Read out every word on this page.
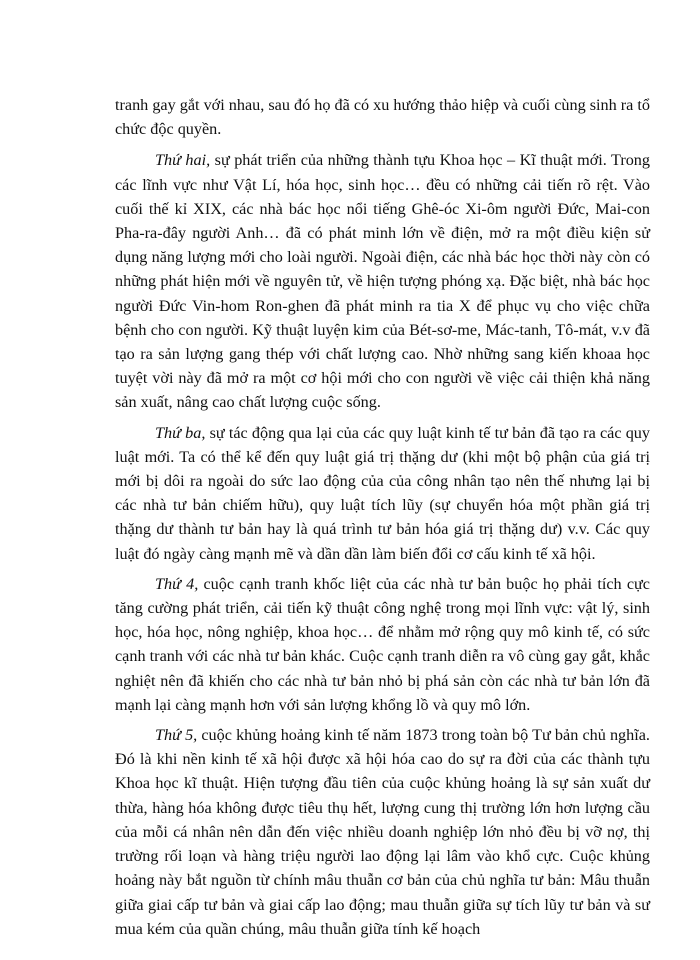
tranh gay gắt với nhau, sau đó họ đã có xu hướng thảo hiệp và cuối cùng sinh ra tổ chức độc quyền.

Thứ hai, sự phát triển của những thành tựu Khoa học – Kĩ thuật mới. Trong các lĩnh vực như Vật Lí, hóa học, sinh học… đều có những cải tiến rõ rệt. Vào cuối thế kỉ XIX, các nhà bác học nổi tiếng Ghê-óc Xi-ôm người Đức, Mai-con Pha-ra-đây người Anh… đã có phát minh lớn về điện, mở ra một điều kiện sử dụng năng lượng mới cho loài người. Ngoài điện, các nhà bác học thời này còn có những phát hiện mới về nguyên tử, về hiện tượng phóng xạ. Đặc biệt, nhà bác học người Đức Vin-hom Ron-ghen đã phát minh ra tia X để phục vụ cho việc chữa bệnh cho con người. Kỹ thuật luyện kim của Bét-sơ-me, Mác-tanh, Tô-mát, v.v đã tạo ra sản lượng gang thép với chất lượng cao. Nhờ những sang kiến khoaa học tuyệt vời này đã mở ra một cơ hội mới cho con người về việc cải thiện khả năng sản xuất, nâng cao chất lượng cuộc sống.

Thứ ba, sự tác động qua lại của các quy luật kinh tế tư bản đã tạo ra các quy luật mới. Ta có thể kể đến quy luật giá trị thặng dư (khi một bộ phận của giá trị mới bị dôi ra ngoài do sức lao động của của công nhân tạo nên thế nhưng lại bị các nhà tư bản chiếm hữu), quy luật tích lũy (sự chuyển hóa một phần giá trị thặng dư thành tư bản hay là quá trình tư bản hóa giá trị thặng dư) v.v. Các quy luật đó ngày càng mạnh mẽ và dần dần làm biến đổi cơ cấu kinh tế xã hội.

Thứ 4, cuộc cạnh tranh khốc liệt của các nhà tư bản buộc họ phải tích cực tăng cường phát triển, cải tiến kỹ thuật công nghệ trong mọi lĩnh vực: vật lý, sinh học, hóa học, nông nghiệp, khoa học… để nhằm mở rộng quy mô kinh tế, có sức cạnh tranh với các nhà tư bản khác. Cuộc cạnh tranh diễn ra vô cùng gay gắt, khắc nghiệt nên đã khiến cho các nhà tư bản nhỏ bị phá sản còn các nhà tư bản lớn đã mạnh lại càng mạnh hơn với sản lượng khổng lồ và quy mô lớn.

Thứ 5, cuộc khủng hoảng kinh tế năm 1873 trong toàn bộ Tư bản chủ nghĩa. Đó là khi nền kinh tế xã hội được xã hội hóa cao do sự ra đời của các thành tựu Khoa học kĩ thuật. Hiện tượng đầu tiên của cuộc khủng hoảng là sự sản xuất dư thừa, hàng hóa không được tiêu thụ hết, lượng cung thị trường lớn hơn lượng cầu của mỗi cá nhân nên dẫn đến việc nhiều doanh nghiệp lớn nhỏ đều bị vỡ nợ, thị trường rối loạn và hàng triệu người lao động lại lâm vào khổ cực. Cuộc khủng hoảng này bắt nguồn từ chính mâu thuẫn cơ bản của chủ nghĩa tư bản: Mâu thuẫn giữa giai cấp tư bản và giai cấp lao động; mau thuẫn giữa sự tích lũy tư bản và sư mua kém của quần chúng, mâu thuẫn giữa tính kế hoạch
